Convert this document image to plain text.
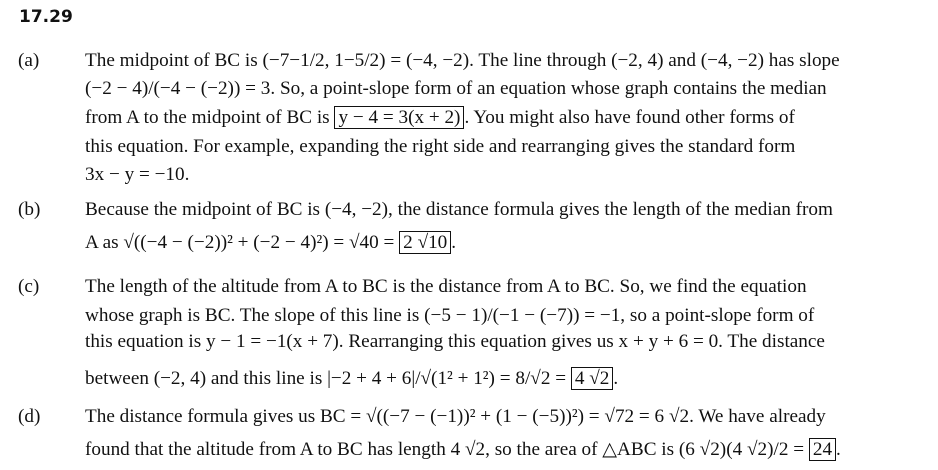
17.29
(a) The midpoint of BC is (−7−1/2, 1−5/2) = (−4, −2). The line through (−2, 4) and (−4, −2) has slope
(−2 − 4)/(−4 − (−2)) = 3. So, a point-slope form of an equation whose graph contains the median
from A to the midpoint of BC is y − 4 = 3(x + 2) . You might also have found other forms of
this equation. For example, expanding the right side and rearranging gives the standard form
3x − y = −10.
(b) Because the midpoint of BC is (−4, −2), the distance formula gives the length of the median from
A as √((−4 − (−2))² + (−2 − 4)²) = √40 = 2 √10 .
(c) The length of the altitude from A to BC is the distance from A to BC. So, we find the equation
whose graph is BC. The slope of this line is (−5 − 1)/(−1 − (−7)) = −1, so a point-slope form of
this equation is y − 1 = −1(x + 7). Rearranging this equation gives us x + y + 6 = 0. The distance
between (−2, 4) and this line is |−2 + 4 + 6|/√(1² + 1²) = 8/√2 = 4 √2 .
(d) The distance formula gives us BC = √((−7 − (−1))² + (1 − (−5))²) = √72 = 6 √2. We have already
found that the altitude from A to BC has length 4 √2, so the area of △ABC is (6 √2)(4 √2)/2 = 24 .
